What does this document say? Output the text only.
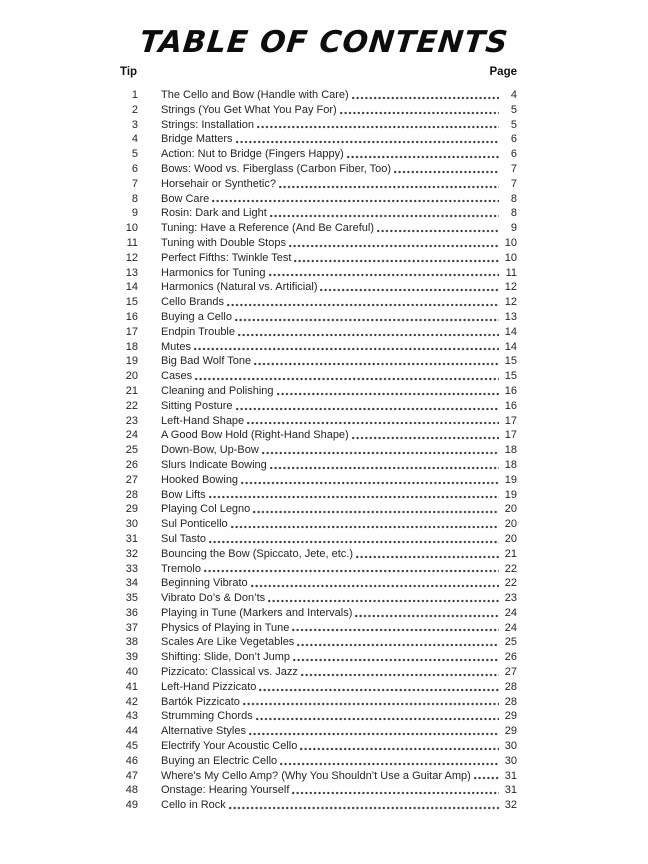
TABLE OF CONTENTS
Tip	Page
1 The Cello and Bow (Handle with Care)	4
2 Strings (You Get What You Pay For)	5
3 Strings: Installation	5
4 Bridge Matters	6
5 Action: Nut to Bridge (Fingers Happy)	6
6 Bows: Wood vs. Fiberglass (Carbon Fiber, Too)	7
7 Horsehair or Synthetic?	7
8 Bow Care	8
9 Rosin: Dark and Light	8
10 Tuning: Have a Reference (And Be Careful)	9
11 Tuning with Double Stops	10
12 Perfect Fifths: Twinkle Test	10
13 Harmonics for Tuning	11
14 Harmonics (Natural vs. Artificial)	12
15 Cello Brands	12
16 Buying a Cello	13
17 Endpin Trouble	14
18 Mutes	14
19 Big Bad Wolf Tone	15
20 Cases	15
21 Cleaning and Polishing	16
22 Sitting Posture	16
23 Left-Hand Shape	17
24 A Good Bow Hold (Right-Hand Shape)	17
25 Down-Bow, Up-Bow	18
26 Slurs Indicate Bowing	18
27 Hooked Bowing	19
28 Bow Lifts	19
29 Playing Col Legno	20
30 Sul Ponticello	20
31 Sul Tasto	20
32 Bouncing the Bow (Spiccato, Jete, etc.)	21
33 Tremolo	22
34 Beginning Vibrato	22
35 Vibrato Do’s & Don’ts	23
36 Playing in Tune (Markers and Intervals)	24
37 Physics of Playing in Tune	24
38 Scales Are Like Vegetables	25
39 Shifting: Slide, Don’t Jump	26
40 Pizzicato: Classical vs. Jazz	27
41 Left-Hand Pizzicato	28
42 Bartók Pizzicato	28
43 Strumming Chords	29
44 Alternative Styles	29
45 Electrify Your Acoustic Cello	30
46 Buying an Electric Cello	30
47 Where’s My Cello Amp? (Why You Shouldn’t Use a Guitar Amp)	31
48 Onstage: Hearing Yourself	31
49 Cello in Rock	32
